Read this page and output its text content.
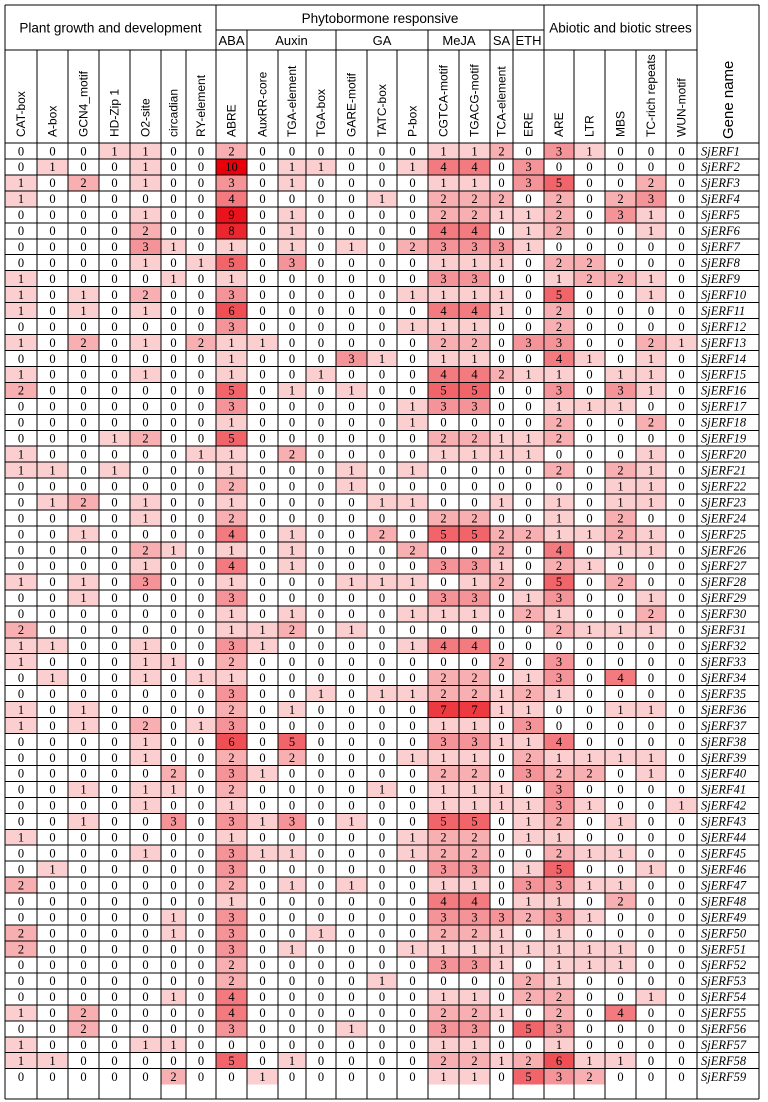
0 0 0 1 1 0 0 2 0 0 0 0 0 0 1 1 2 0 3 1 0 0 0
0 1 0 0 1 0 0 10 0 1 1 0 0 1 4 4 0 3 0 0 0 0 0
1 0 2 0 1 0 0 3 0 1 0 0 0 0 1 1 0 3 5 0 0 2 0
1 0 0 0 0 0 0 4 0 0 0 0 1 0 2 2 2 0 2 0 2 3 0
0 0 0 0 1 0 0 9 0 1 0 0 0 0 2 2 1 1 2 0 3 1 0
0 0 0 0 2 0 0 8 0 1 0 0 0 0 4 4 0 1 2 0 0 1 0
0 0 0 0 3 1 0 1 0 1 0 1 0 2 3 3 3 1 0 0 0 0 0
0 0 0 0 1 0 1 5 0 3 0 0 0 0 1 1 1 0 2 2 0 0 0
1 0 0 0 0 1 0 1 0 0 0 0 0 0 3 3 0 0 1 2 2 1 0
1 0 1 0 2 0 0 3 0 0 0 0 0 1 1 1 1 0 5 0 0 1 0
1 0 1 0 1 0 0 6 0 0 0 0 0 0 4 4 1 0 2 0 0 0 0
0 0 0 0 0 0 0 3 0 0 0 0 0 1 1 1 0 0 2 0 0 0 0
1 0 2 0 1 0 2 1 1 0 0 0 0 0 2 2 0 3 3 0 0 2 1
0 0 0 0 0 0 0 1 0 0 0 3 1 0 1 1 0 0 4 1 0 1 0
1 0 0 0 1 0 0 1 0 0 1 0 0 0 4 4 2 1 1 0 1 1 0
2 0 0 0 0 0 0 5 0 1 0 1 0 0 5 5 0 0 3 0 3 1 0
0 0 0 0 0 0 0 3 0 0 0 0 0 1 3 3 0 0 1 1 1 0 0
0 0 0 0 0 0 0 1 0 0 0 0 0 1 0 0 0 0 2 0 0 2 0
0 0 0 1 2 0 0 5 0 0 0 0 0 0 2 2 1 1 2 0 0 0 0
1 0 0 0 0 0 1 1 0 2 0 0 0 0 1 1 1 1 0 0 0 1 0
1 1 0 1 0 0 0 1 0 0 0 1 0 1 0 0 0 0 2 0 2 1 0
0 0 0 0 0 0 0 2 0 0 0 1 0 0 0 0 0 0 0 0 1 1 0
0 1 2 0 1 0 0 1 0 0 0 0 1 1 0 0 1 0 1 0 1 1 0
0 0 0 0 1 0 0 2 0 0 0 0 0 0 2 2 0 0 1 0 2 0 0
0 0 1 0 0 0 0 4 0 1 0 0 2 0 5 5 2 2 1 1 2 1 0
0 0 0 0 2 1 0 1 0 1 0 0 0 2 0 0 2 0 4 0 1 1 0
0 0 0 0 1 0 0 4 0 1 0 0 0 0 3 3 1 0 2 1 0 0 0
1 0 1 0 3 0 0 1 0 0 0 1 1 1 0 1 2 0 5 0 2 0 0
0 0 1 0 0 0 0 3 0 0 0 0 0 0 3 3 0 1 3 0 0 1 0
0 0 0 0 0 0 0 1 0 1 0 0 0 1 1 1 0 2 1 0 0 2 0
2 0 0 0 0 0 0 1 1 2 0 1 0 0 0 0 0 0 2 1 1 1 0
1 1 0 0 1 0 0 3 1 0 0 0 0 1 4 4 0 0 0 0 0 0 0
1 0 0 0 1 1 0 2 0 0 0 0 0 0 0 0 2 0 3 0 0 0 0
0 1 0 0 1 0 1 1 0 0 0 0 0 0 2 2 0 1 3 0 4 0 0
0 0 0 0 0 0 0 3 0 0 1 0 1 1 2 2 1 2 1 0 0 0 0
1 0 1 0 0 0 0 2 0 1 0 0 0 0 7 7 1 1 0 0 1 1 0
1 0 1 0 2 0 1 3 0 0 0 0 0 0 1 1 0 3 0 0 0 0 0
0 0 0 0 1 0 0 6 0 5 0 0 0 0 3 3 1 1 4 0 0 0 0
0 0 0 0 1 0 0 2 0 2 0 0 0 1 1 1 0 2 1 1 1 1 0
0 0 0 0 0 2 0 3 1 0 0 0 0 0 2 2 0 3 2 2 0 1 0
0 0 1 0 1 1 0 2 0 0 0 0 1 0 1 1 1 0 3 0 0 0 0
0 0 0 0 1 0 0 1 0 0 0 0 0 0 1 1 1 1 3 1 0 0 1
0 0 1 0 0 3 0 3 1 3 0 1 0 0 5 5 0 1 2 0 1 0 0
1 0 0 0 0 0 0 1 0 0 0 0 0 1 2 2 0 1 1 0 0 0 0
0 0 0 0 1 0 0 3 1 1 0 0 0 1 2 2 0 0 2 1 1 0 0
0 1 0 0 0 0 0 3 0 0 0 0 0 0 3 3 0 1 5 0 0 1 0
2 0 0 0 0 0 0 2 0 1 0 1 0 0 1 1 0 3 3 1 1 0 0
0 0 0 0 0 0 0 1 0 0 0 0 0 0 4 4 0 1 1 0 2 0 0
0 0 0 0 0 1 0 3 0 0 0 0 0 0 3 3 3 2 3 1 0 0 0
2 0 0 0 0 1 0 3 0 0 1 0 0 0 2 2 1 0 1 0 0 0 0
2 0 0 0 0 0 0 3 0 1 0 0 0 1 1 1 1 1 1 1 1 0 0
0 0 0 0 0 0 0 2 0 0 0 0 0 0 3 3 1 0 1 1 1 0 0
0 0 0 0 0 0 0 2 0 0 0 0 1 0 0 0 0 2 1 0 0 0 0
0 0 0 0 0 1 0 4 0 0 0 0 0 0 1 1 0 2 2 0 0 1 0
1 0 2 0 0 0 0 4 0 0 0 0 0 0 2 2 1 0 2 0 4 0 0
0 0 2 0 0 0 0 3 0 0 0 1 0 0 3 3 0 5 3 0 0 0 0
1 0 0 0 1 1 0 0 0 0 0 0 0 0 1 1 0 0 1 0 0 0 0
1 1 0 0 0 0 0 5 0 1 0 0 0 0 2 2 1 2 6 1 1 0 0
0 0 0 0 0 2 0 0 1 0 0 0 0 0 1 1 0 5 3 2 0 0 0
Plant growth and development
Phytobormone responsive
Abiotic and biotic strees
ABA Auxin	GA	MeJA SA ETH
CAT-box A-box GCN4_motif HD-Zip 1 O2-site circadian RY-element ABRE AuxRR-core TGA-element TGA-box GARE-motif TATC-box P-box CGTCA-motif TGACG-motif TCA-element ERE ARE LTR MBS TC-rich repeats WUN-motif Gene name
SjERF1
SjERF2
SjERF3
SjERF4
SjERF5
SjERF6
SjERF7
SjERF8
SjERF9
SjERF10
SjERF11
SjERF12
SjERF13
SjERF14
SjERF15
SjERF16
SjERF17
SjERF18
SjERF19
SjERF20
SjERF21
SjERF22
SjERF23
SjERF24
SjERF25
SjERF26
SjERF27
SjERF28
SjERF29
SjERF30
SjERF31
SjERF32
SjERF33
SjERF34
SjERF35
SjERF36
SjERF37
SjERF38
SjERF39
SjERF40
SjERF41
SjERF42
SjERF43
SjERF44
SjERF45
SjERF46
SjERF47
SjERF48
SjERF49
SjERF50
SjERF51
SjERF52
SjERF53
SjERF54
SjERF55
SjERF56
SjERF57
SjERF58
SjERF59
